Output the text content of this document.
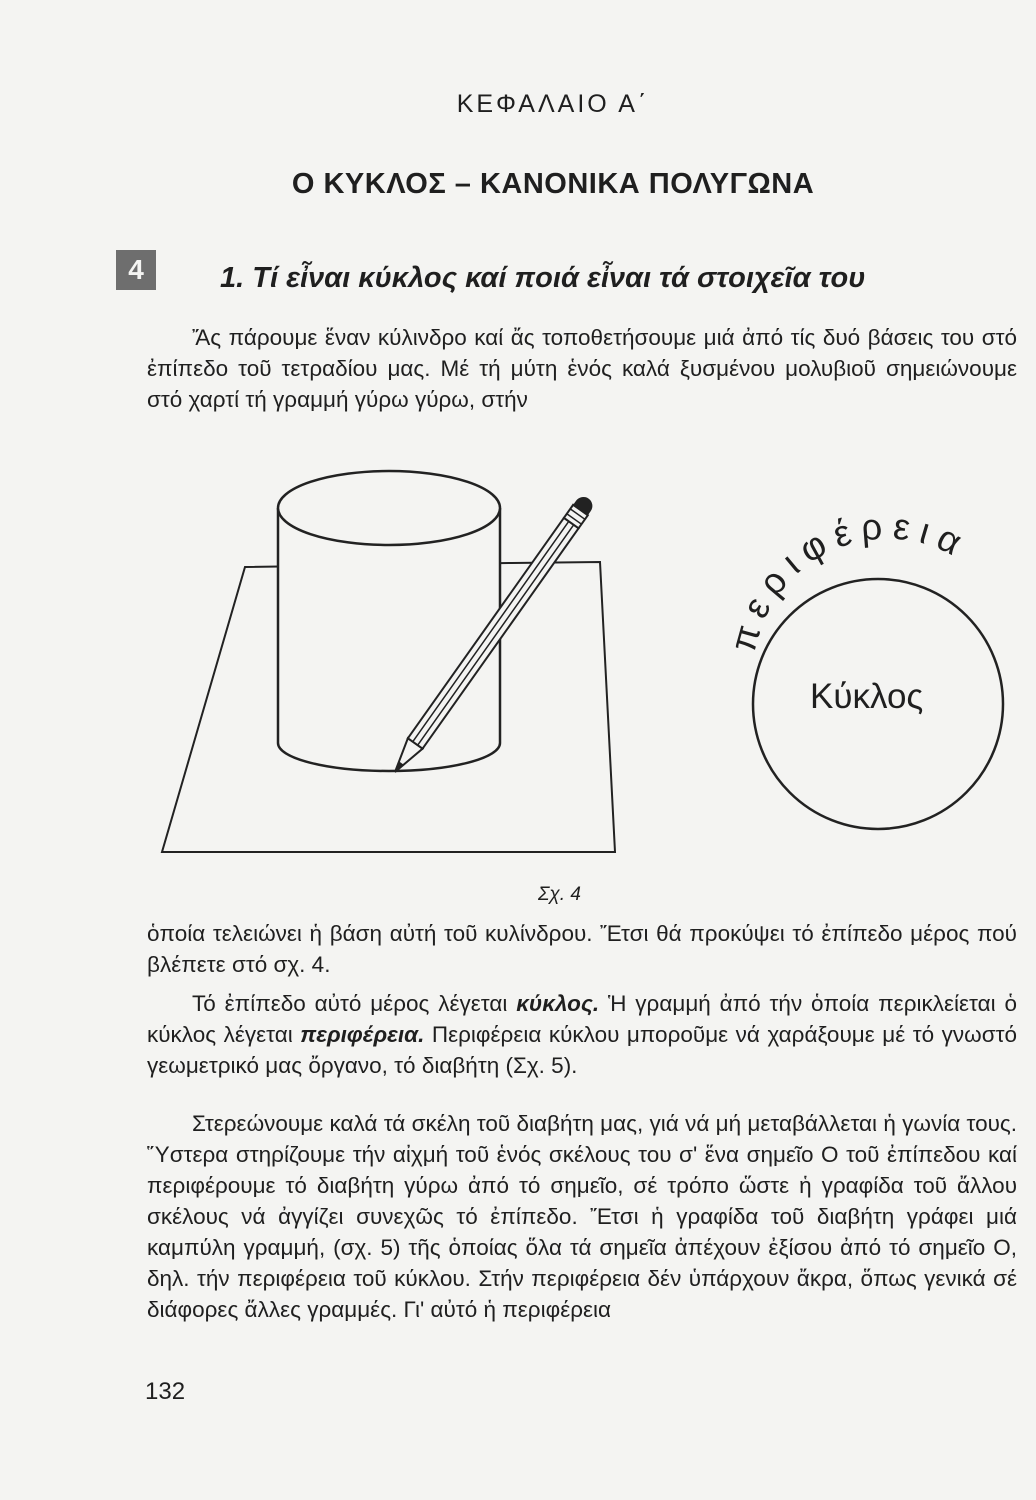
ΚΕΦΑΛΑΙΟ Α΄
Ο ΚΥΚΛΟΣ – ΚΑΝΟΝΙΚΑ ΠΟΛΥΓΩΝΑ
4	1. Τί εἶναι κύκλος καί ποιά εἶναι τά στοιχεῖα του

Ἄς πάρουμε ἕναν κύλινδρο καί ἄς τοποθετήσουμε μιά ἀπό τίς δυό βάσεις του στό ἐπίπεδο τοῦ τετραδίου μας. Μέ τή μύτη ἑνός καλά ξυσμένου μολυβιοῦ σημειώνουμε στό χαρτί τή γραμμή γύρω γύρω, στήν

περιφέρεια
Κύκλος
Σχ. 4

ὁποία τελειώνει ἡ βάση αὐτή τοῦ κυλίνδρου. Ἔτσι θά προκύψει τό ἐπίπεδο μέρος πού βλέπετε στό σχ. 4.

Τό ἐπίπεδο αὐτό μέρος λέγεται κύκλος. Ἡ γραμμή ἀπό τήν ὁποία περικλείεται ὁ κύκλος λέγεται περιφέρεια. Περιφέρεια κύκλου μποροῦμε νά χαράξουμε μέ τό γνωστό γεωμετρικό μας ὄργανο, τό διαβήτη (Σχ. 5).

Στερεώνουμε καλά τά σκέλη τοῦ διαβήτη μας, γιά νά μή μεταβάλλεται ἡ γωνία τους. Ὕστερα στηρίζουμε τήν αἰχμή τοῦ ἑνός σκέλους του σ' ἕνα σημεῖο Ο τοῦ ἐπίπεδου καί περιφέρουμε τό διαβήτη γύρω ἀπό τό σημεῖο, σέ τρόπο ὥστε ἡ γραφίδα τοῦ ἄλλου σκέλους νά ἀγγίζει συνεχῶς τό ἐπίπεδο. Ἔτσι ἡ γραφίδα τοῦ διαβήτη γράφει μιά καμπύλη γραμμή, (σχ. 5) τῆς ὁποίας ὅλα τά σημεῖα ἀπέχουν ἐξίσου ἀπό τό σημεῖο Ο, δηλ. τήν περιφέρεια τοῦ κύκλου. Στήν περιφέρεια δέν ὑπάρχουν ἄκρα, ὅπως γενικά σέ διάφορες ἄλλες γραμμές. Γι' αὐτό ἡ περιφέρεια

132
